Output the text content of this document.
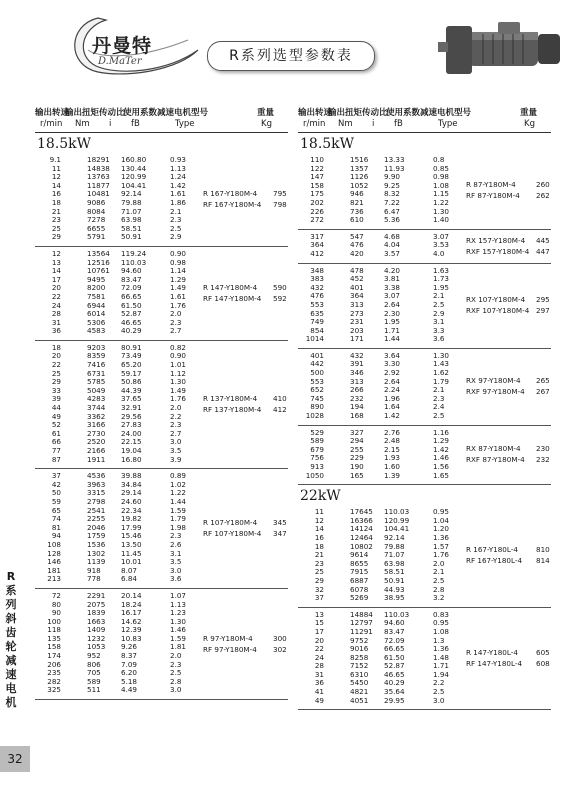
丹曼特
D.MaTer	R系列选型参数表
R
系
列
斜
齿
轮
减
速
电
机
32
输出转速
输出扭矩 传动比
使用系数 减速电机型号	重量
r/min Nm i fB	Type	Kg
18.5kW
9.1	18291 160.80	0.93
11	14838 130.44	1.13
12	13763 120.99	1.24
14	11877 104.41	1.42
16	10481 92.14	1.61
18	9086 79.88	1.86
21	8084 71.07	2.1
23	7278 63.98	2.3
25	6655 58.51	2.5
29	5791 50.91	2.9
R 167-Y180M-4
RF 167-Y180M-4
795
798
12	13564 119.24	0.90
13	12516 110.03	0.98
14	10761 94.60	1.14
17	9495 83.47	1.29
20	8200 72.09	1.49
22	7581 66.65	1.61
24	6944 61.50	1.76
28	6014 52.87	2.0
31	5306 46.65	2.3
36	4583 40.29	2.7
R 147-Y180M-4
RF 147-Y180M-4
590
592
18	9203 80.91	0.82
20	8359 73.49	0.90
22	7416 65.20	1.01
25	6731 59.17	1.12
29	5785 50.86	1.30
33	5049 44.39	1.49
39	4283 37.65	1.76
44	3744 32.91	2.0
49	3362 29.56	2.2
52	3166 27.83	2.3
61	2730 24.00	2.7
66	2520 22.15	3.0
77	2166 19.04	3.5
87	1911 16.80	3.9
R 137-Y180M-4
RF 137-Y180M-4
410
412
37	4536 39.88	0.89
42	3963 34.84	1.02
50	3315 29.14	1.22
59	2798 24.60	1.44
65	2541 22.34	1.59
74	2255 19.82	1.79
81	2046 17.99	1.98
94	1759 15.46	2.3
108	1536 13.50	2.6
128	1302 11.45	3.1
146	1139 10.01	3.5
181	918	8.07	3.0
213	778	6.84	3.6
R 107-Y180M-4
RF 107-Y180M-4
345
347
72	2291 20.14	1.07
80	2075 18.24	1.13
90	1839 16.17	1.23
100	1663 14.62	1.30
118	1409 12.39	1.46
135	1232 10.83	1.59
158	1053 9.26	1.81
174	952	8.37	2.0
206	806	7.09	2.3
235	705	6.20	2.5
282	589	5.18	2.8
325	511	4.49	3.0
R 97-Y180M-4
RF 97-Y180M-4
300
302
输出转速
输出扭矩 传动比
使用系数 减速电机型号	重量
r/min Nm i fB	Type	Kg
18.5kW
110	1516 13.33	0.8
122	1357 11.93	0.85
147	1126 9.90	0.98
158	1052 9.25	1.08
175	946	8.32	1.15
202	821	7.22	1.22
226	736	6.47	1.30
272	610	5.36	1.40
R 87-Y180M-4
RF 87-Y180M-4
260
262
317	547	4.68	3.07
364	476	4.04	3.53
412	420	3.57	4.0
RX 157-Y180M-4
RXF 157-Y180M-4
445
447
348	478	4.20	1.63
383	452	3.81	1.73
432	401	3.38	1.95
476	364	3.07	2.1
553	313	2.64	2.5
635	273	2.30	2.9
749	231	1.95	3.1
854	203	1.71	3.3
1014	171	1.44	3.6
RX 107-Y180M-4
RXF 107-Y180M-4
295
297
401	432	3.64	1.30
442	391	3.30	1.43
500	346	2.92	1.62
553	313	2.64	1.79
652	266	2.24	2.1
745	232	1.96	2.3
890	194	1.64	2.4
1028	168	1.42	2.5
RX 97-Y180M-4
RXF 97-Y180M-4
265
267
529	327	2.76	1.16
589	294	2.48	1.29
679	255	2.15	1.42
756	229	1.93	1.46
913	190	1.60	1.56
1050	165	1.39	1.65
RX 87-Y180M-4
RXF 87-Y180M-4
230
232
22kW
11	17645 110.03	0.95
12	16366 120.99	1.04
14	14124 104.41	1.20
16	12464 92.14	1.36
18	10802 79.88	1.57
21	9614 71.07	1.76
23	8655 63.98	2.0
25	7915 58.51	2.1
29	6887 50.91	2.5
32	6078 44.93	2.8
37	5269 38.95	3.2
R 167-Y180L-4
RF 167-Y180L-4
810
814
13	14884 110.03	0.83
15	12797 94.60	0.95
17	11291 83.47	1.08
20	9752 72.09	1.3
22	9016 66.65	1.36
24	8258 61.50	1.48
28	7152 52.87	1.71
31	6310 46.65	1.94
36	5450 40.29	2.2
41	4821 35.64	2.5
49	4051 29.95	3.0
R 147-Y180L-4
RF 147-Y180L-4
605
608
